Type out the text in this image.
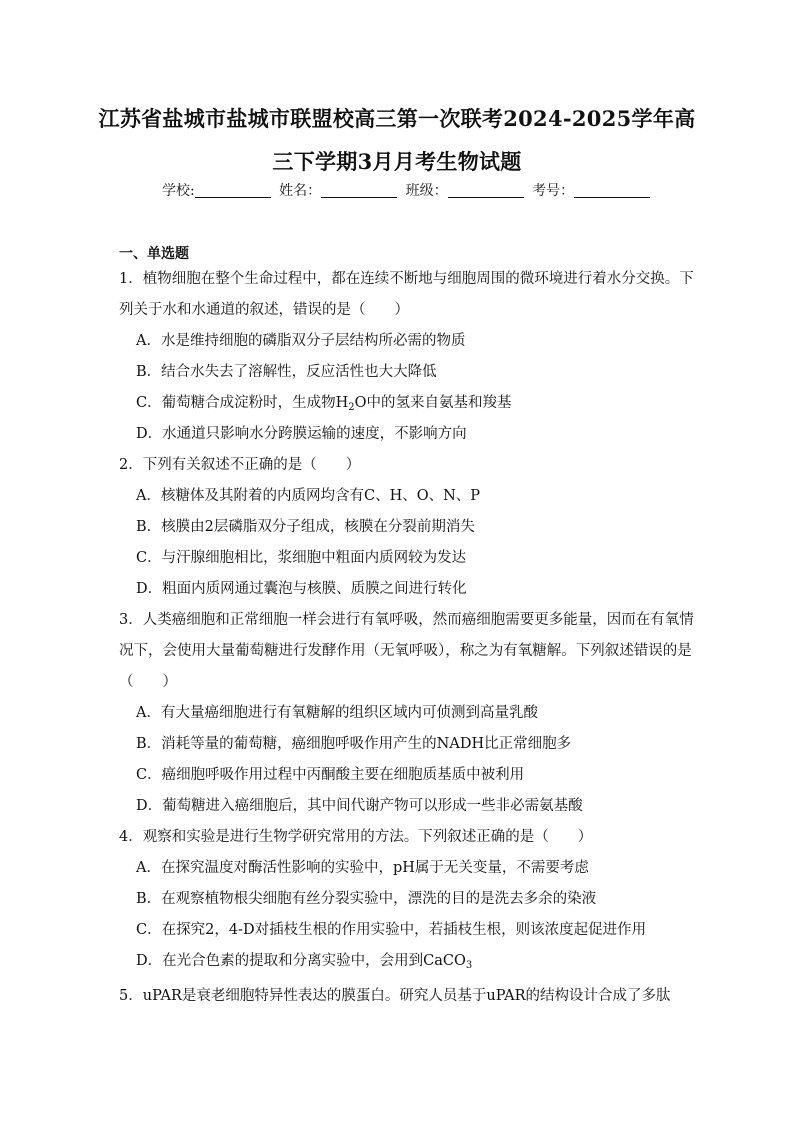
江苏省盐城市盐城市联盟校高三第一次联考2024-2025学年高
三下学期3月月考生物试题
学校:	姓名：	班级：	考号：
一、单选题
1．植物细胞在整个生命过程中，都在连续不断地与细胞周围的微环境进行着水分交换。下
列关于水和水通道的叙述，错误的是（　　）
A．水是维持细胞的磷脂双分子层结构所必需的物质
B．结合水失去了溶解性，反应活性也大大降低
C．葡萄糖合成淀粉时，生成物$H_2O$中的氢来自氨基和羧基
D．水通道只影响水分跨膜运输的速度，不影响方向
2．下列有关叙述不正确的是（　　）
A．核糖体及其附着的内质网均含有C、H、O、N、P
B．核膜由2层磷脂双分子组成，核膜在分裂前期消失
C．与汗腺细胞相比，浆细胞中粗面内质网较为发达
D．粗面内质网通过囊泡与核膜、质膜之间进行转化
3．人类癌细胞和正常细胞一样会进行有氧呼吸，然而癌细胞需要更多能量，因而在有氧情
况下，会使用大量葡萄糖进行发酵作用（无氧呼吸），称之为有氧糖解。下列叙述错误的是
（　　）
A．有大量癌细胞进行有氧糖解的组织区域内可侦测到高量乳酸
B．消耗等量的葡萄糖，癌细胞呼吸作用产生的NADH比正常细胞多
C．癌细胞呼吸作用过程中丙酮酸主要在细胞质基质中被利用
D．葡萄糖进入癌细胞后，其中间代谢产物可以形成一些非必需氨基酸
4．观察和实验是进行生物学研究常用的方法。下列叙述正确的是（　　）
A．在探究温度对酶活性影响的实验中，pH属于无关变量，不需要考虑
B．在观察植物根尖细胞有丝分裂实验中，漂洗的目的是洗去多余的染液
C．在探究2，4-D对插枝生根的作用实验中，若插枝生根，则该浓度起促进作用
D．在光合色素的提取和分离实验中，会用到CaCO$_3$
5．uPAR是衰老细胞特异性表达的膜蛋白。研究人员基于uPAR的结构设计合成了多肽
